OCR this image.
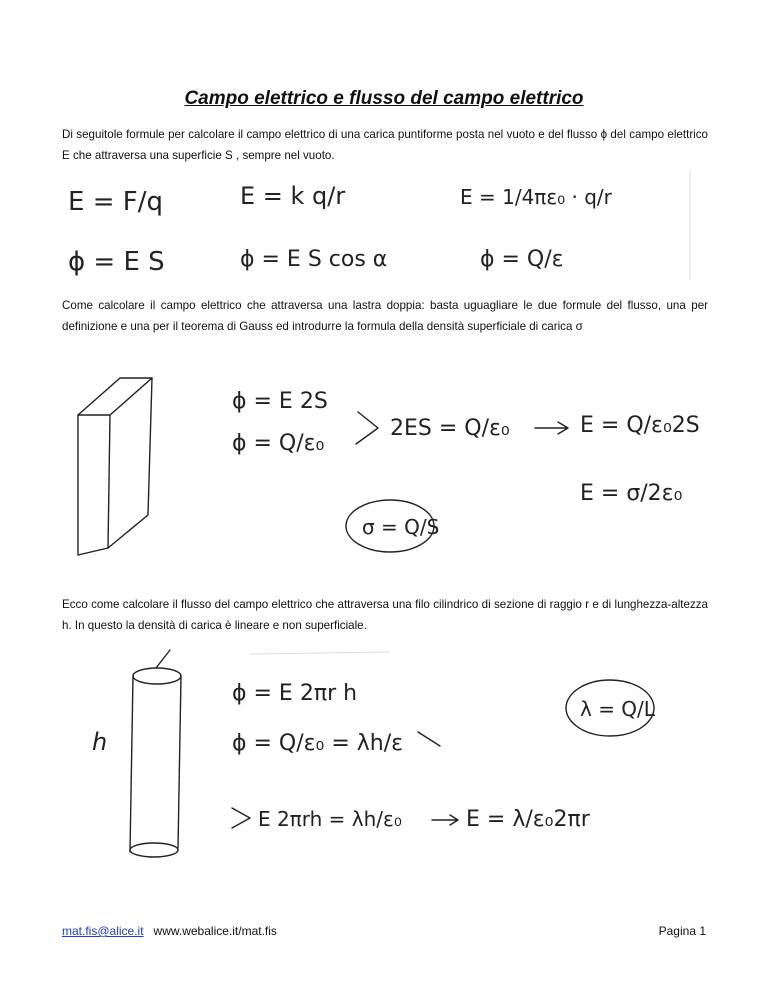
Campo elettrico e flusso del campo elettrico
Di seguitole formule per calcolare il campo elettrico di una carica puntiforme posta nel vuoto e del flusso ϕ del campo elettrico E che attraversa una superficie S , sempre nel vuoto.
E = F/q	E = k q/r	E = 1/4πε₀ · q/r
ϕ = E S	ϕ = E S cos α	ϕ = Q/ε
Come calcolare il campo elettrico che attraversa una lastra doppia: basta uguagliare le due formule del flusso, una per definizione e una per il teorema di Gauss ed introdurre la formula della densità superficiale di carica σ
ϕ = E 2S
ϕ = Q/ε₀
2ES = Q/ε₀	E = Q/ε₀2S
E = σ/2ε₀
σ = Q/S
Ecco come calcolare il flusso del campo elettrico che attraversa una filo cilindrico di sezione di raggio r e di lunghezza-altezza h. In questo la densità di carica è lineare e non superficiale.
h
ϕ = E 2πr h
ϕ = Q/ε₀ = λh/ε
λ = Q/L
E 2πrh = λh/ε₀	E = λ/ε₀2πr
mat.fis@alice.it www.webalice.it/mat.fis	Pagina 1
